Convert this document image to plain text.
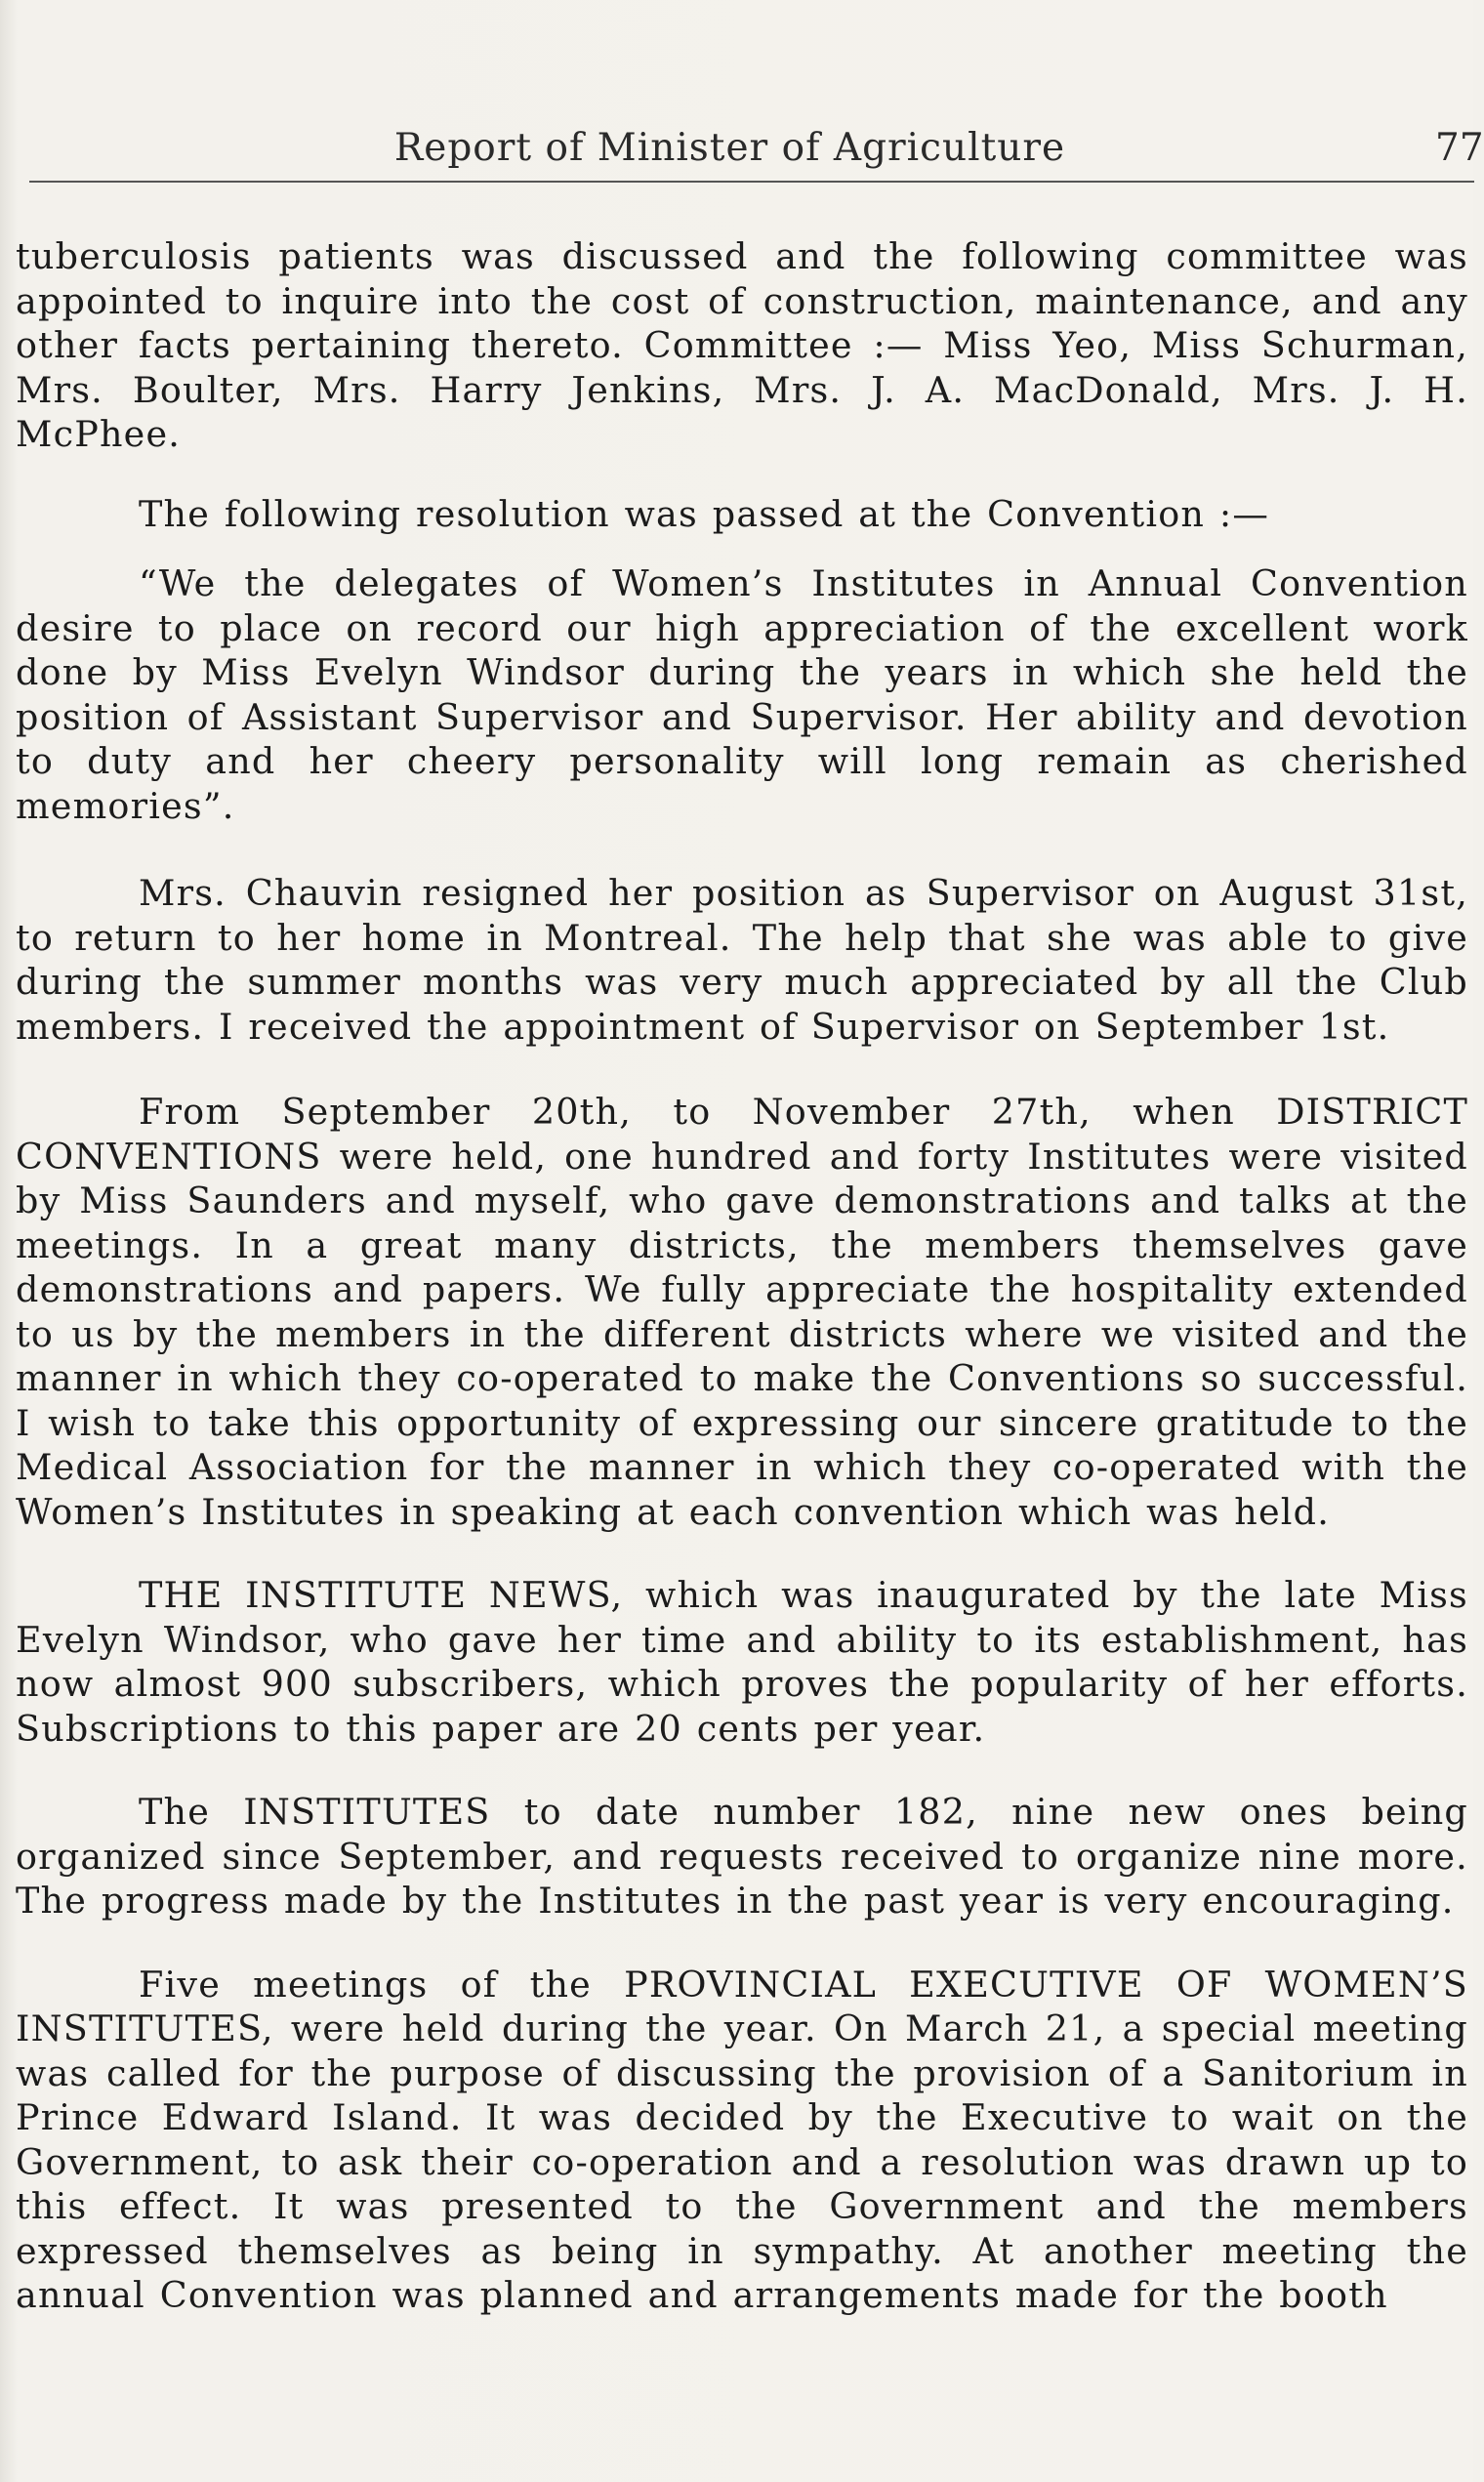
Report of Minister of Agriculture	77

tuberculosis patients was discussed and the following committee was appointed to inquire into the cost of construction, maintenance, and any other facts pertaining thereto. Committee :— Miss Yeo, Miss Schurman, Mrs. Boulter, Mrs. Harry Jenkins, Mrs. J. A. MacDonald, Mrs. J. H. McPhee.

The following resolution was passed at the Convention :—

“We the delegates of Women’s Institutes in Annual Convention desire to place on record our high appreciation of the excellent work done by Miss Evelyn Windsor during the years in which she held the position of Assistant Supervisor and Supervisor. Her ability and devotion to duty and her cheery personality will long remain as cherished memories”.

Mrs. Chauvin resigned her position as Supervisor on August 31st, to return to her home in Montreal. The help that she was able to give during the summer months was very much appreciated by all the Club members. I received the appointment of Supervisor on September 1st.

From September 20th, to November 27th, when DISTRICT CONVENTIONS were held, one hundred and forty Institutes were visited by Miss Saunders and myself, who gave demonstrations and talks at the meetings. In a great many districts, the members themselves gave demonstrations and papers. We fully appreciate the hospitality extended to us by the members in the different districts where we visited and the manner in which they co-operated to make the Conventions so successful. I wish to take this opportunity of expressing our sincere gratitude to the Medical Association for the manner in which they co-operated with the Women’s Institutes in speaking at each convention which was held.

THE INSTITUTE NEWS, which was inaugurated by the late Miss Evelyn Windsor, who gave her time and ability to its establishment, has now almost 900 subscribers, which proves the popularity of her efforts. Subscriptions to this paper are 20 cents per year.

The INSTITUTES to date number 182, nine new ones being organized since September, and requests received to organize nine more. The progress made by the Institutes in the past year is very encouraging.

Five meetings of the PROVINCIAL EXECUTIVE OF WOMEN’S INSTITUTES, were held during the year. On March 21, a special meeting was called for the purpose of discussing the provision of a Sanitorium in Prince Edward Island. It was decided by the Executive to wait on the Government, to ask their co-operation and a resolution was drawn up to this effect. It was presented to the Government and the members expressed themselves as being in sympathy. At another meeting the annual Convention was planned and arrangements made for the booth
